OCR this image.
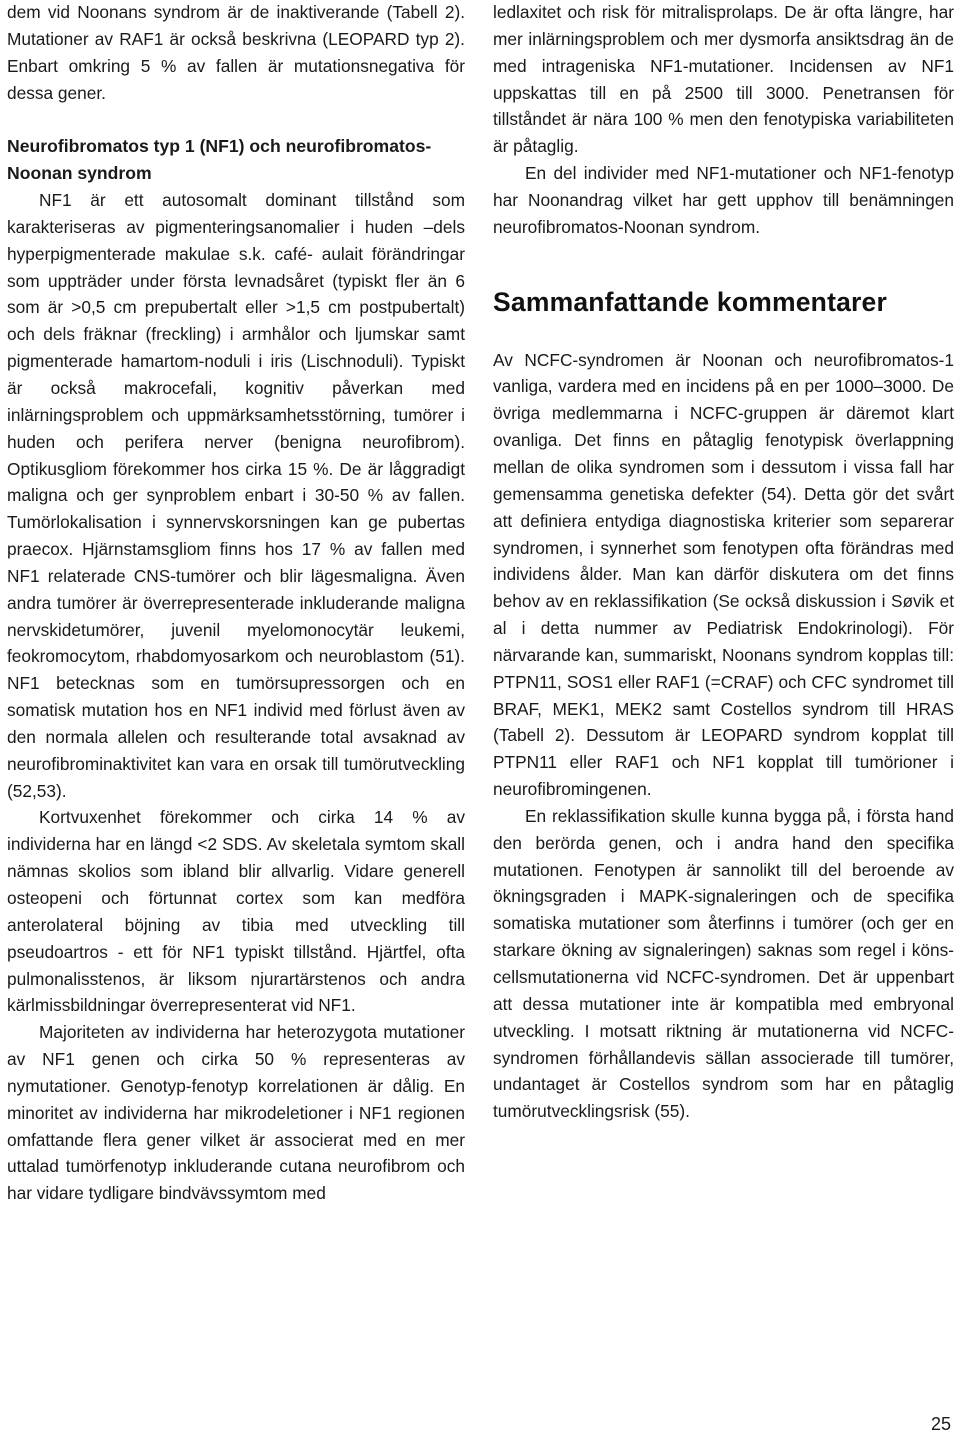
dem vid Noonans syndrom är de inaktiverande (Tabell 2). Mutationer av RAF1 är också beskrivna (LEOPARD typ 2). Enbart omkring 5 % av fallen är mutationsnegativa för dessa gener.

Neurofibromatos typ 1 (NF1) och neurofibromatos-Noonan syndrom

NF1 är ett autosomalt dominant tillstånd som karakteriseras av pigmenteringsanomalier i huden –dels hyperpigmenterade makulae s.k. café- aulait förändringar som uppträder under första levnadsåret (typiskt fler än 6 som är >0,5 cm prepubertalt eller >1,5 cm postpubertalt) och dels fräknar (freckling) i armhålor och ljumskar samt pigmenterade hamartom-noduli i iris (Lischnoduli). Typiskt är också makrocefali, kognitiv påverkan med inlärningsproblem och uppmärksamhetsstörning, tumörer i huden och perifera nerver (benigna neurofibrom). Optikusgliom förekommer hos cirka 15 %. De är låggradigt maligna och ger synproblem enbart i 30-50 % av fallen. Tumörlokalisation i synnervskorsningen kan ge pubertas praecox. Hjärnstamsgliom finns hos 17 % av fallen med NF1 relaterade CNS-tumörer och blir lägesmaligna. Även andra tumörer är överrepresenterade inkluderande maligna nervskidetumörer, juvenil myelomonocytär leukemi, feokromocytom, rhabdomyosarkom och neuroblastom (51). NF1 betecknas som en tumörsupressorgen och en somatisk mutation hos en NF1 individ med förlust även av den normala allelen och resulterande total avsaknad av neurofibrominaktivitet kan vara en orsak till tumörutveckling (52,53).

Kortvuxenhet förekommer och cirka 14 % av individerna har en längd <2 SDS. Av skeletala symtom skall nämnas skolios som ibland blir allvarlig. Vidare generell osteopeni och förtunnat cortex som kan medföra anterolateral böjning av tibia med utveckling till pseudoartros - ett för NF1 typiskt tillstånd. Hjärtfel, ofta pulmonalisstenos, är liksom njurartärstenos och andra kärlmissbildningar överrepresenterat vid NF1.

Majoriteten av individerna har heterozygota mutationer av NF1 genen och cirka 50 % representeras av nymutationer. Genotyp-fenotyp korrelationen är dålig. En minoritet av individerna har mikrodeletioner i NF1 regionen omfattande flera gener vilket är associerat med en mer uttalad tumörfenotyp inkluderande cutana neurofibrom och har vidare tydligare bindvävssymtom med

ledlaxitet och risk för mitralisprolaps. De är ofta längre, har mer inlärningsproblem och mer dysmorfa ansiktsdrag än de med intrageniska NF1-mutationer. Incidensen av NF1 uppskattas till en på 2500 till 3000. Penetransen för tillståndet är nära 100 % men den fenotypiska variabiliteten är påtaglig.

En del individer med NF1-mutationer och NF1-fenotyp har Noonandrag vilket har gett upphov till benämningen neurofibromatos-Noonan syndrom.

Sammanfattande kommentarer

Av NCFC-syndromen är Noonan och neurofibromatos-1 vanliga, vardera med en incidens på en per 1000–3000. De övriga medlemmarna i NCFC-gruppen är däremot klart ovanliga. Det finns en påtaglig fenotypisk överlappning mellan de olika syndromen som i dessutom i vissa fall har gemensamma genetiska defekter (54). Detta gör det svårt att definiera entydiga diagnostiska kriterier som separerar syndromen, i synnerhet som fenotypen ofta förändras med individens ålder. Man kan därför diskutera om det finns behov av en reklassifikation (Se också diskussion i Søvik et al i detta nummer av Pediatrisk Endokrinologi). För närvarande kan, summariskt, Noonans syndrom kopplas till: PTPN11, SOS1 eller RAF1 (=CRAF) och CFC syndromet till BRAF, MEK1, MEK2 samt Costellos syndrom till HRAS (Tabell 2). Dessutom är LEOPARD syndrom kopplat till PTPN11 eller RAF1 och NF1 kopplat till tumörioner i neurofibromingenen.

En reklassifikation skulle kunna bygga på, i första hand den berörda genen, och i andra hand den specifika mutationen. Fenotypen är sannolikt till del beroende av ökningsgraden i MAPK-signaleringen och de specifika somatiska mutationer som återfinns i tumörer (och ger en starkare ökning av signaleringen) saknas som regel i könscellsmutationerna vid NCFC-syndromen. Det är uppenbart att dessa mutationer inte är kompatibla med embryonal utveckling. I motsatt riktning är mutationerna vid NCFC-syndromen förhållandevis sällan associerade till tumörer, undantaget är Costellos syndrom som har en påtaglig tumörutvecklingsrisk (55).

25
